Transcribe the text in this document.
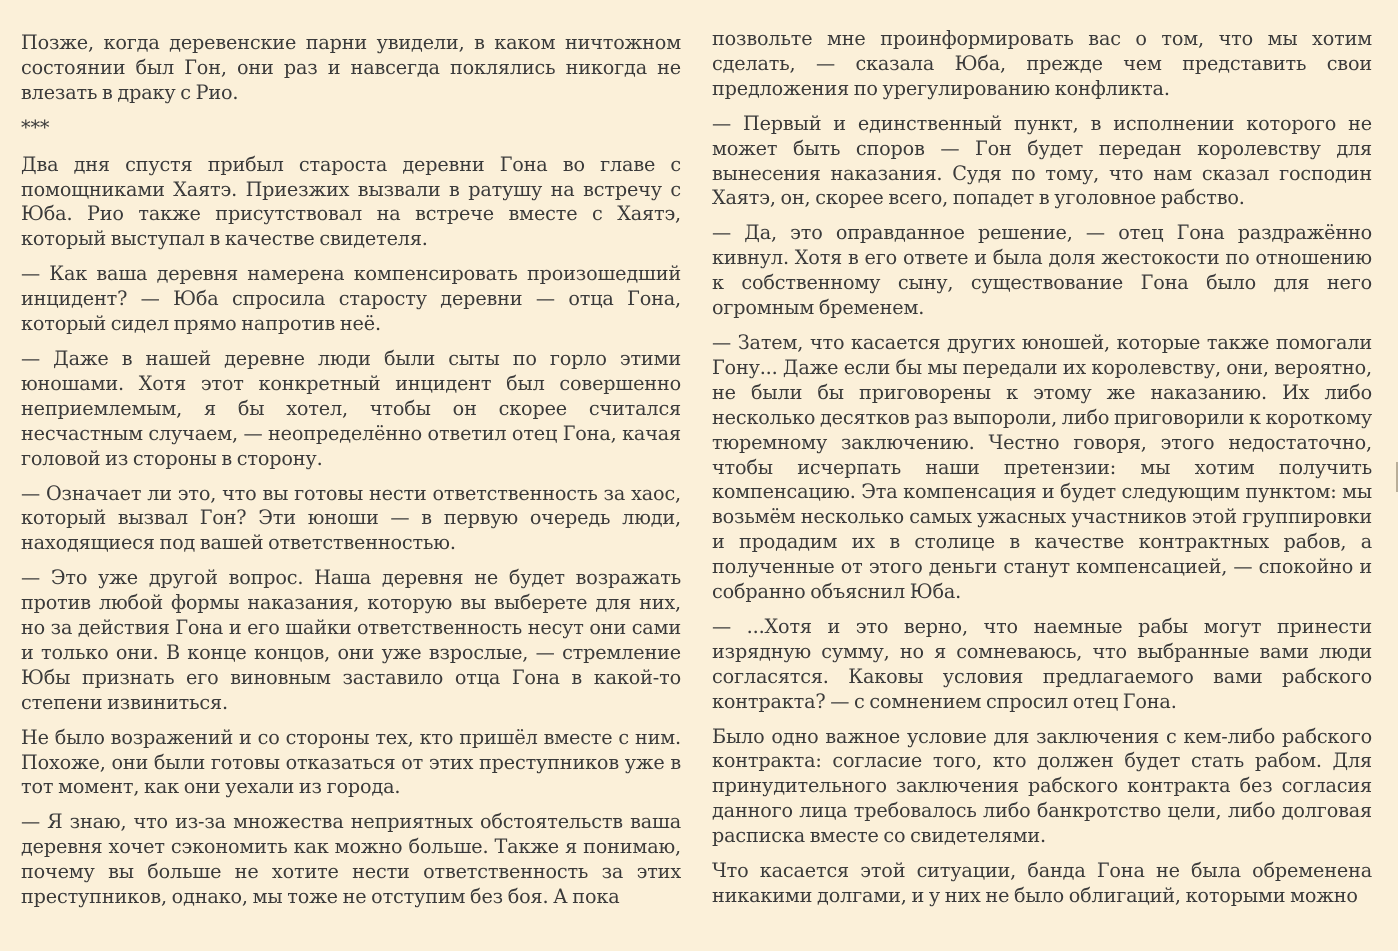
Позже, когда деревенские парни увидели, в каком ничтожном состоянии был Гон, они раз и навсегда поклялись никогда не влезать в драку с Рио.

***

Два дня спустя прибыл староста деревни Гона во главе с помощниками Хаятэ. Приезжих вызвали в ратушу на встречу с Юба. Рио также присутствовал на встрече вместе с Хаятэ, который выступал в качестве свидетеля.

— Как ваша деревня намерена компенсировать произошедший инцидент? — Юба спросила старосту деревни — отца Гона, который сидел прямо напротив неё.

— Даже в нашей деревне люди были сыты по горло этими юношами. Хотя этот конкретный инцидент был совершенно неприемлемым, я бы хотел, чтобы он скорее считался несчастным случаем, — неопределённо ответил отец Гона, качая головой из стороны в сторону.

— Означает ли это, что вы готовы нести ответственность за хаос, который вызвал Гон? Эти юноши — в первую очередь люди, находящиеся под вашей ответственностью.

— Это уже другой вопрос. Наша деревня не будет возражать против любой формы наказания, которую вы выберете для них, но за действия Гона и его шайки ответственность несут они сами и только они. В конце концов, они уже взрослые, — стремление Юбы признать его виновным заставило отца Гона в какой-то степени извиниться.

Не было возражений и со стороны тех, кто пришёл вместе с ним. Похоже, они были готовы отказаться от этих преступников уже в тот момент, как они уехали из города.

— Я знаю, что из-за множества неприятных обстоятельств ваша деревня хочет сэкономить как можно больше. Также я понимаю, почему вы больше не хотите нести ответственность за этих преступников, однако, мы тоже не отступим без боя. А пока

позвольте мне проинформировать вас о том, что мы хотим сделать, — сказала Юба, прежде чем представить свои предложения по урегулированию конфликта.

— Первый и единственный пункт, в исполнении которого не может быть споров — Гон будет передан королевству для вынесения наказания. Судя по тому, что нам сказал господин Хаятэ, он, скорее всего, попадет в уголовное рабство.

— Да, это оправданное решение, — отец Гона раздражённо кивнул. Хотя в его ответе и была доля жестокости по отношению к собственному сыну, существование Гона было для него огромным бременем.

— Затем, что касается других юношей, которые также помогали Гону... Даже если бы мы передали их королевству, они, вероятно, не были бы приговорены к этому же наказанию. Их либо несколько десятков раз выпороли, либо приговорили к короткому тюремному заключению. Честно говоря, этого недостаточно, чтобы исчерпать наши претензии: мы хотим получить компенсацию. Эта компенсация и будет следующим пунктом: мы возьмём несколько самых ужасных участников этой группировки и продадим их в столице в качестве контрактных рабов, а полученные от этого деньги станут компенсацией, — спокойно и собранно объяснил Юба.

— ...Хотя и это верно, что наемные рабы могут принести изрядную сумму, но я сомневаюсь, что выбранные вами люди согласятся. Каковы условия предлагаемого вами рабского контракта? — с сомнением спросил отец Гона.

Было одно важное условие для заключения с кем-либо рабского контракта: согласие того, кто должен будет стать рабом. Для принудительного заключения рабского контракта без согласия данного лица требовалось либо банкротство цели, либо долговая расписка вместе со свидетелями.

Что касается этой ситуации, банда Гона не была обременена никакими долгами, и у них не было облигаций, которыми можно
